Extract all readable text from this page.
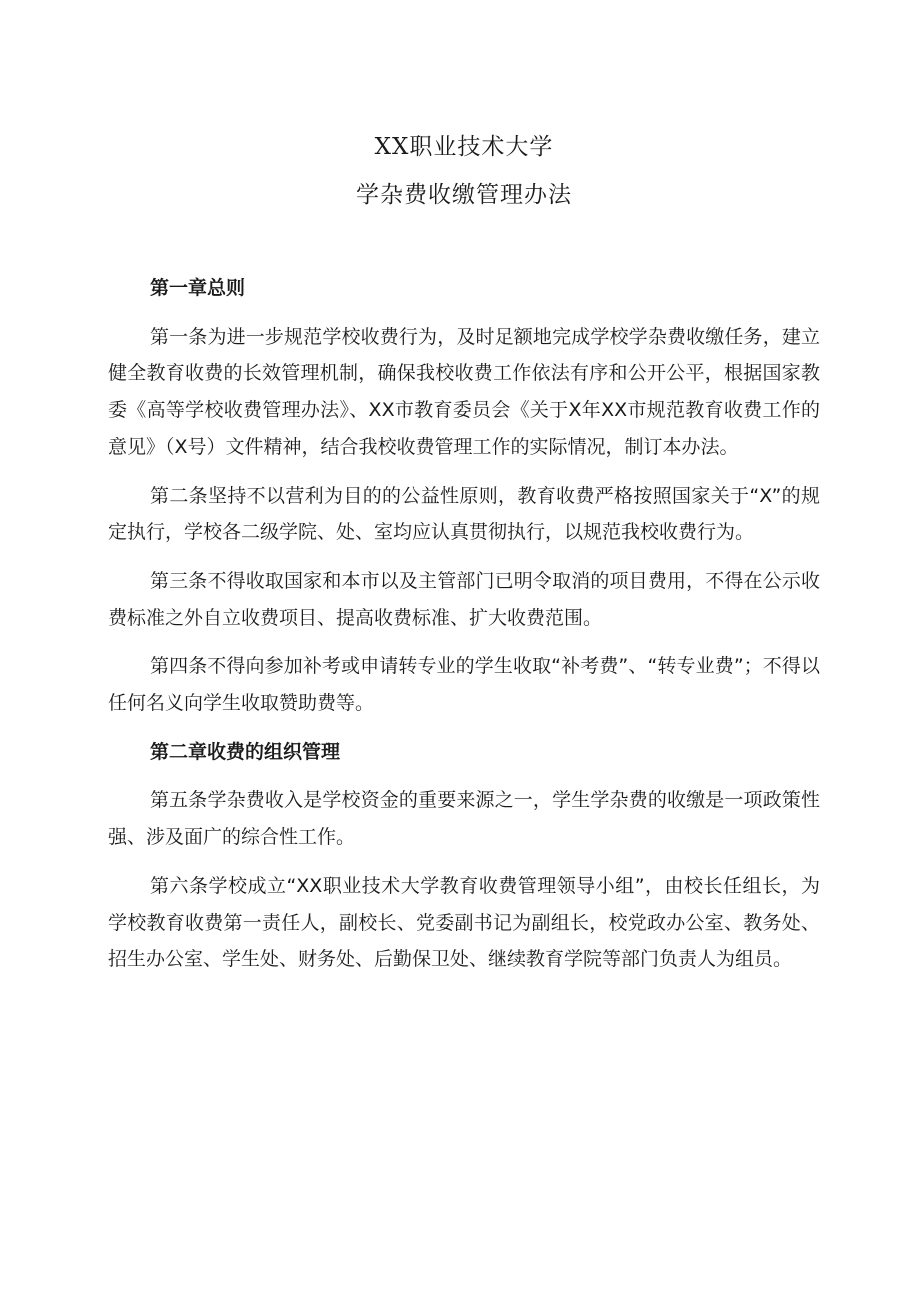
XX职业技术大学
学杂费收缴管理办法

第一章总则

第一条为进一步规范学校收费行为，及时足额地完成学校学杂费收缴任务，建立健全教育收费的长效管理机制，确保我校收费工作依法有序和公开公平，根据国家教委《高等学校收费管理办法》、XX市教育委员会《关于X年XX市规范教育收费工作的意见》（X号）文件精神，结合我校收费管理工作的实际情况，制订本办法。

第二条坚持不以营利为目的的公益性原则，教育收费严格按照国家关于“X”的规定执行，学校各二级学院、处、室均应认真贯彻执行，以规范我校收费行为。

第三条不得收取国家和本市以及主管部门已明令取消的项目费用，不得在公示收费标准之外自立收费项目、提高收费标准、扩大收费范围。

第四条不得向参加补考或申请转专业的学生收取“补考费”、“转专业费”；不得以任何名义向学生收取赞助费等。

第二章收费的组织管理

第五条学杂费收入是学校资金的重要来源之一，学生学杂费的收缴是一项政策性强、涉及面广的综合性工作。

第六条学校成立“XX职业技术大学教育收费管理领导小组”，由校长任组长，为学校教育收费第一责任人，副校长、党委副书记为副组长，校党政办公室、教务处、招生办公室、学生处、财务处、后勤保卫处、继续教育学院等部门负责人为组员。
